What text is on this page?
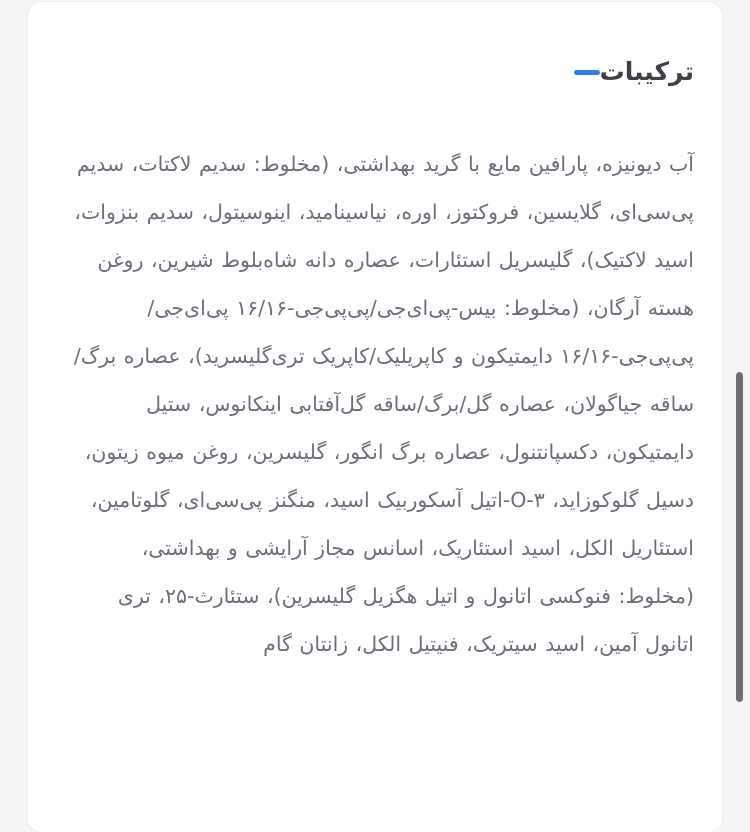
ترکیبات
آب دیونیزه، پارافین مایع با گرید بهداشتی، (مخلوط: سدیم لاکتات، سدیم پی‌سی‌ای، گلایسین، فروکتوز، اوره، نیاسینامید، اینوسیتول، سدیم بنزوات، اسید لاکتیک)، گلیسریل استئارات، عصاره دانه شاه‌بلوط شیرین، روغن هسته آرگان، (مخلوط: بیس-پی‌ای‌جی/پی‌پی‌جی-۱۶/۱۶ پی‌ای‌جی/پی‌پی‌جی-۱۶/۱۶ دایمتیکون و کاپریلیک/کاپریک تری‌گلیسرید)، عصاره برگ/ساقه جیاگولان، عصاره گل/برگ/ساقه گل‌آفتابی اینکانوس، ستیل دایمتیکون، دکسپانتنول، عصاره برگ انگور، گلیسرین، روغن میوه زیتون، دسیل گلوکوزاید، ۳-O-اتیل آسکوربیک اسید، منگنز پی‌سی‌ای، گلوتامین، استئاریل الکل، اسید استئاریک، اسانس مجاز آرایشی و بهداشتی، (مخلوط: فنوکسی اتانول و اتیل هگزیل گلیسرین)، ستئارث-۲۵، تری اتانول آمین، اسید سیتریک، فنیتیل الکل، زانتان گام
